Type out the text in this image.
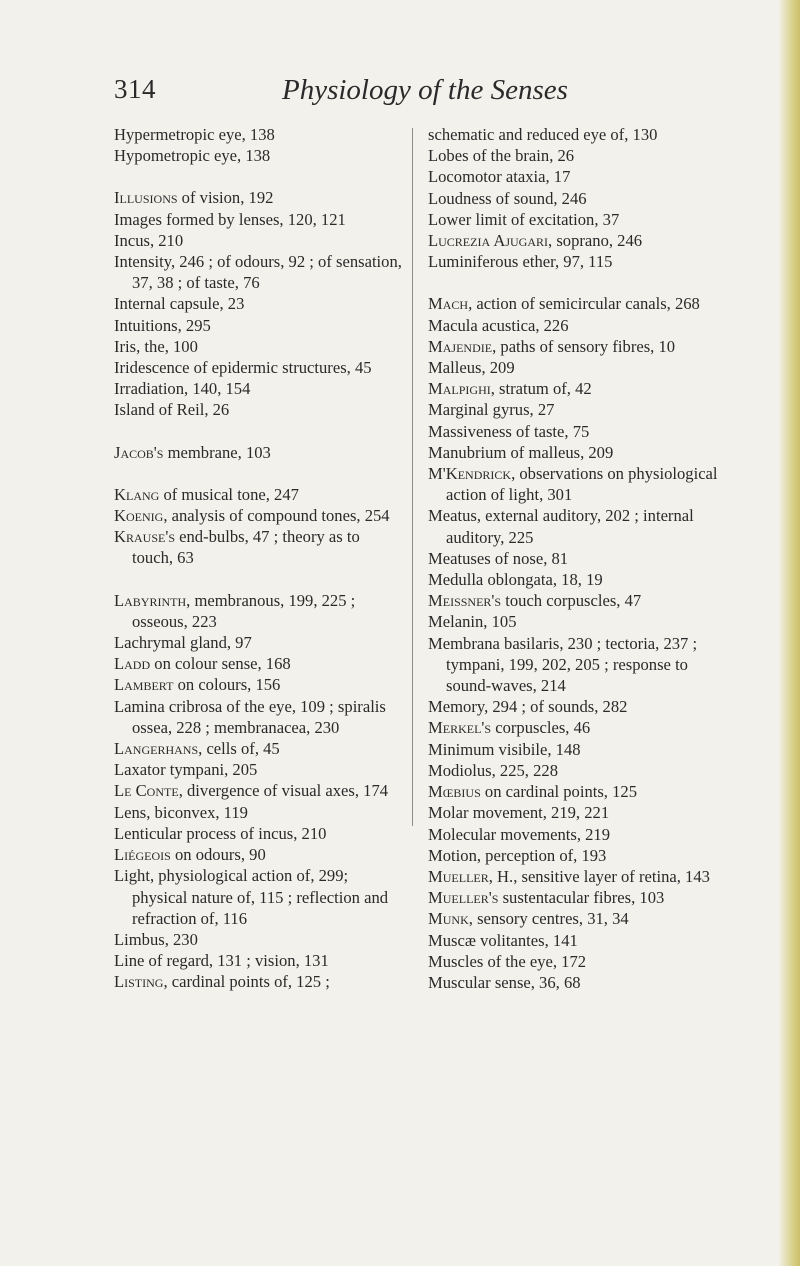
314	Physiology of the Senses
Hypermetropic eye, 138
Hypometropic eye, 138
Illusions of vision, 192
Images formed by lenses, 120, 121
Incus, 210
Intensity, 246 ; of odours, 92 ; of sensation, 37, 38 ; of taste, 76
Internal capsule, 23
Intuitions, 295
Iris, the, 100
Iridescence of epidermic structures, 45
Irradiation, 140, 154
Island of Reil, 26
Jacob's membrane, 103
Klang of musical tone, 247
Koenig, analysis of compound tones, 254
Krause's end-bulbs, 47 ; theory as to touch, 63
Labyrinth, membranous, 199, 225 ; osseous, 223
Lachrymal gland, 97
Ladd on colour sense, 168
Lambert on colours, 156
Lamina cribrosa of the eye, 109 ; spiralis ossea, 228 ; membranacea, 230
Langerhans, cells of, 45
Laxator tympani, 205
Le Conte, divergence of visual axes, 174
Lens, biconvex, 119
Lenticular process of incus, 210
Liégeois on odours, 90
Light, physiological action of, 299; physical nature of, 115 ; reflection and refraction of, 116
Limbus, 230
Line of regard, 131 ; vision, 131
Listing, cardinal points of, 125 ;
schematic and reduced eye of, 130
Lobes of the brain, 26
Locomotor ataxia, 17
Loudness of sound, 246
Lower limit of excitation, 37
Lucrezia Ajugari, soprano, 246
Luminiferous ether, 97, 115
Mach, action of semicircular canals, 268
Macula acustica, 226
Majendie, paths of sensory fibres, 10
Malleus, 209
Malpighi, stratum of, 42
Marginal gyrus, 27
Massiveness of taste, 75
Manubrium of malleus, 209
M'Kendrick, observations on physiological action of light, 301
Meatus, external auditory, 202 ; internal auditory, 225
Meatuses of nose, 81
Medulla oblongata, 18, 19
Meissner's touch corpuscles, 47
Melanin, 105
Membrana basilaris, 230 ; tectoria, 237 ; tympani, 199, 202, 205 ; response to sound-waves, 214
Memory, 294 ; of sounds, 282
Merkel's corpuscles, 46
Minimum visibile, 148
Modiolus, 225, 228
Mœbius on cardinal points, 125
Molar movement, 219, 221
Molecular movements, 219
Motion, perception of, 193
Mueller, H., sensitive layer of retina, 143
Mueller's sustentacular fibres, 103
Munk, sensory centres, 31, 34
Muscæ volitantes, 141
Muscles of the eye, 172
Muscular sense, 36, 68
